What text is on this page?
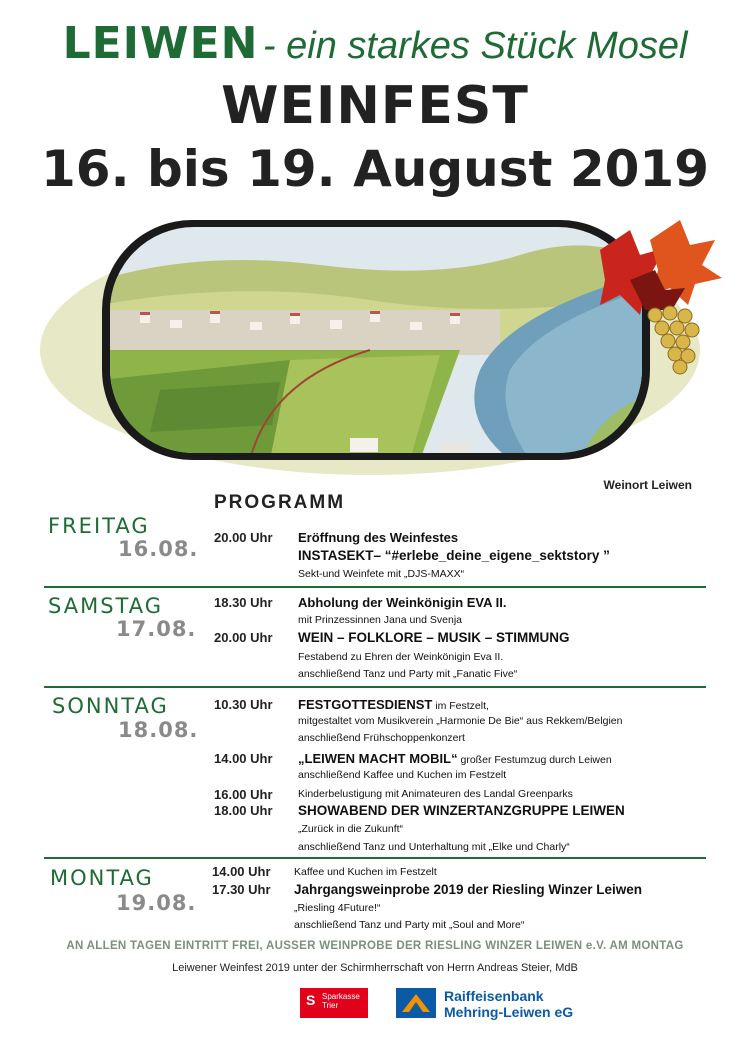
LEIWEN - ein starkes Stück Mosel
WEINFEST
16. bis 19. August 2019
Weinort Leiwen
PROGRAMM
FREITAG
16.08. 20.00 Uhr Eröffnung des Weinfestes
INSTASEKT– “#erlebe_deine_eigene_sektstory ”
Sekt-und Weinfete mit „DJS-MAXX“
SAMSTAG
17.08.
18.30 Uhr Abholung der Weinkönigin EVA II.
mit Prinzessinnen Jana und Svenja
20.00 Uhr WEIN – FOLKLORE – MUSIK – STIMMUNG
Festabend zu Ehren der Weinkönigin Eva II.
anschließend Tanz und Party mit „Fanatic Five“
SONNTAG
18.08.
10.30 Uhr FESTGOTTESDIENST im Festzelt,
mitgestaltet vom Musikverein „Harmonie De Bie“ aus Rekkem/Belgien
anschließend Frühschoppenkonzert
14.00 Uhr „LEIWEN MACHT MOBIL“ großer Festumzug durch Leiwen
anschließend Kaffee und Kuchen im Festzelt
16.00 Uhr Kinderbelustigung mit Animateuren des Landal Greenparks
18.00 Uhr SHOWABEND DER WINZERTANZGRUPPE LEIWEN
„Zurück in die Zukunft“
anschließend Tanz und Unterhaltung mit „Elke und Charly“
MONTAG
19.08.
14.00 Uhr Kaffee und Kuchen im Festzelt
17.30 Uhr Jahrgangsweinprobe 2019 der Riesling Winzer Leiwen
„Riesling 4Future!“
anschließend Tanz und Party mit „Soul and More“
AN ALLEN TAGEN EINTRITT FREI, AUSSER WEINPROBE DER RIESLING WINZER LEIWEN e.V. AM MONTAG
Leiwener Weinfest 2019 unter der Schirmherrschaft von Herrn Andreas Steier, MdB
S Sparkasse
Trier
Raiffeisenbank
Mehring-Leiwen eG
